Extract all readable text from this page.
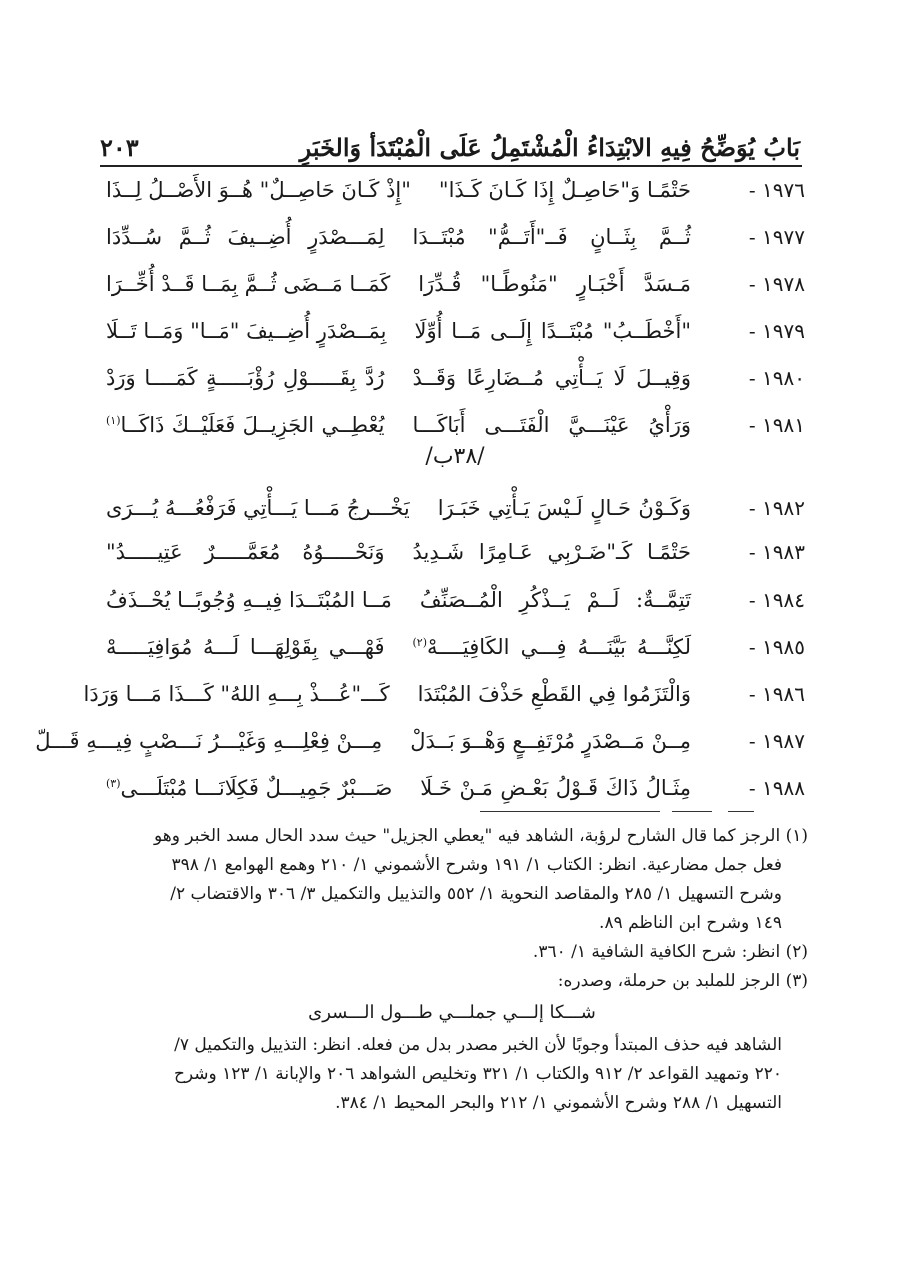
بَابُ يُوَضِّحُ فِيهِ الابْتِدَاءُ الْمُشْتَمِلُ عَلَى الْمُبْتَدَأ وَالخَبَرِ
٢٠٣
١٩٧٦ -
حَتْمًـا وَ"حَاصِـلٌ إِذَا كَـانَ كَـذَا"
"إِذْ كَـانَ حَاصِــلٌ" هُــوَ الأَصْــلُ لِــذَا
١٩٧٧ -
ثُــمَّ بِثَــانٍ فَــ"أَتَــمُّ" مُبْتَــدَا
لِمَـــصْدَرٍ أُضِــيفَ ثُــمَّ سُــدِّدَا
١٩٧٨ -
مَـسَدَّ أَخْبَـارٍ "مَنُوطًـا" قُـدِّرَا
كَمَــا مَــضَى ثُــمَّ بِمَــا قَــدْ أُخِّــرَا
١٩٧٩ -
"أَخْطَــبُ" مُبْتَــدًا إِلَــى مَــا أُوِّلَا
بِمَــصْدَرٍ أُضِــيفَ "مَــا" وَمَــا تَــلَا
١٩٨٠ -
وَقِيــلَ لَا يَــأْتِي مُــضَارِعًا وَقَــدْ
رُدَّ بِقَـــــوْلِ رُؤْبَـــــةٍ كَمَــــا وَرَدْ
١٩٨١ -
وَرَأْيُ عَيْنَـــيَّ الْفَتَـــى أَبَاكَـــا
يُعْطِــي الجَزِيــلَ فَعَلَيْــكَ ذَاكَــا$^{(١)}$
١٩٨٢ -
وَكَـوْنُ حَـالٍ لَـيْسَ يَـأْتِي خَبَـرَا
يَخْـــرجُ مَـــا يَـــأْتِي فَرَفْعُـــهُ يُـــرَى
١٩٨٣ -
حَتْمًـا كَـ"ضَـرْبِي عَـامِرًا شَـدِيدُ
وَنَحْـــــوُهُ مُعَمَّـــــرٌ عَتِيـــــدُ"
١٩٨٤ -
تَتِمَّــةٌ: لَــمْ يَــذْكُرِ الْمُــصَنِّفُ
مَــا المُبْتَــدَا فِيــهِ وُجُوبًــا يُحْــذَفُ
١٩٨٥ -
لَكِنَّـــهُ بَيَّنَـــهُ فِـــي الكَافِيَــــهْ$^{(٢)}$
فَهْـــي بِقَوْلِهَـــا لَـــهُ مُوَافِيَـــــهْ
١٩٨٦ -
وَالْتَزَمُوا فِي القَطْعِ حَذْفَ المُبْتَدَا
كَـــ"عُـــذْ بِـــهِ اللهُ" كَـــذَا مَـــا وَرَدَا
١٩٨٧ -
مِــنْ مَــصْدَرٍ مُرْتَفِــعٍ وَهْــوَ بَــدَلْ
مِـــنْ فِعْلِـــهِ وَغَيْـــرُ نَـــصْبٍ فِيـــهِ قَـــلّ
١٩٨٨ -
مِثَـالُ ذَاكَ قَـوْلُ بَعْـضِ مَـنْ خَـلَا
صَـــبْرٌ جَمِيـــلٌ فَكِلَانَـــا مُبْتَلَـــى$^{(٣)}$
/٣٨ب/

(١) الرجز كما قال الشارح لرؤبة، الشاهد فيه "يعطي الجزيل" حيث سدد الحال مسد الخبر وهو

فعل جمل مضارعية. انظر: الكتاب ١/ ١٩١ وشرح الأشموني ١/ ٢١٠ وهمع الهوامع ١/ ٣٩٨

وشرح التسهيل ١/ ٢٨٥ والمقاصد النحوية ١/ ٥٥٢ والتذييل والتكميل ٣/ ٣٠٦ والاقتضاب ٢/

١٤٩ وشرح ابن الناظم ٨٩.

(٢) انظر: شرح الكافية الشافية ١/ ٣٦٠.

(٣) الرجز للملبد بن حرملة، وصدره:

شـــكا إلـــي جملـــي طـــول الـــسرى

الشاهد فيه حذف المبتدأ وجوبًا لأن الخبر مصدر بدل من فعله. انظر: التذييل والتكميل ٧/

٢٢٠ وتمهيد القواعد ٢/ ٩١٢ والكتاب ١/ ٣٢١ وتخليص الشواهد ٢٠٦ والإبانة ١/ ١٢٣ وشرح

التسهيل ١/ ٢٨٨ وشرح الأشموني ١/ ٢١٢ والبحر المحيط ١/ ٣٨٤.
